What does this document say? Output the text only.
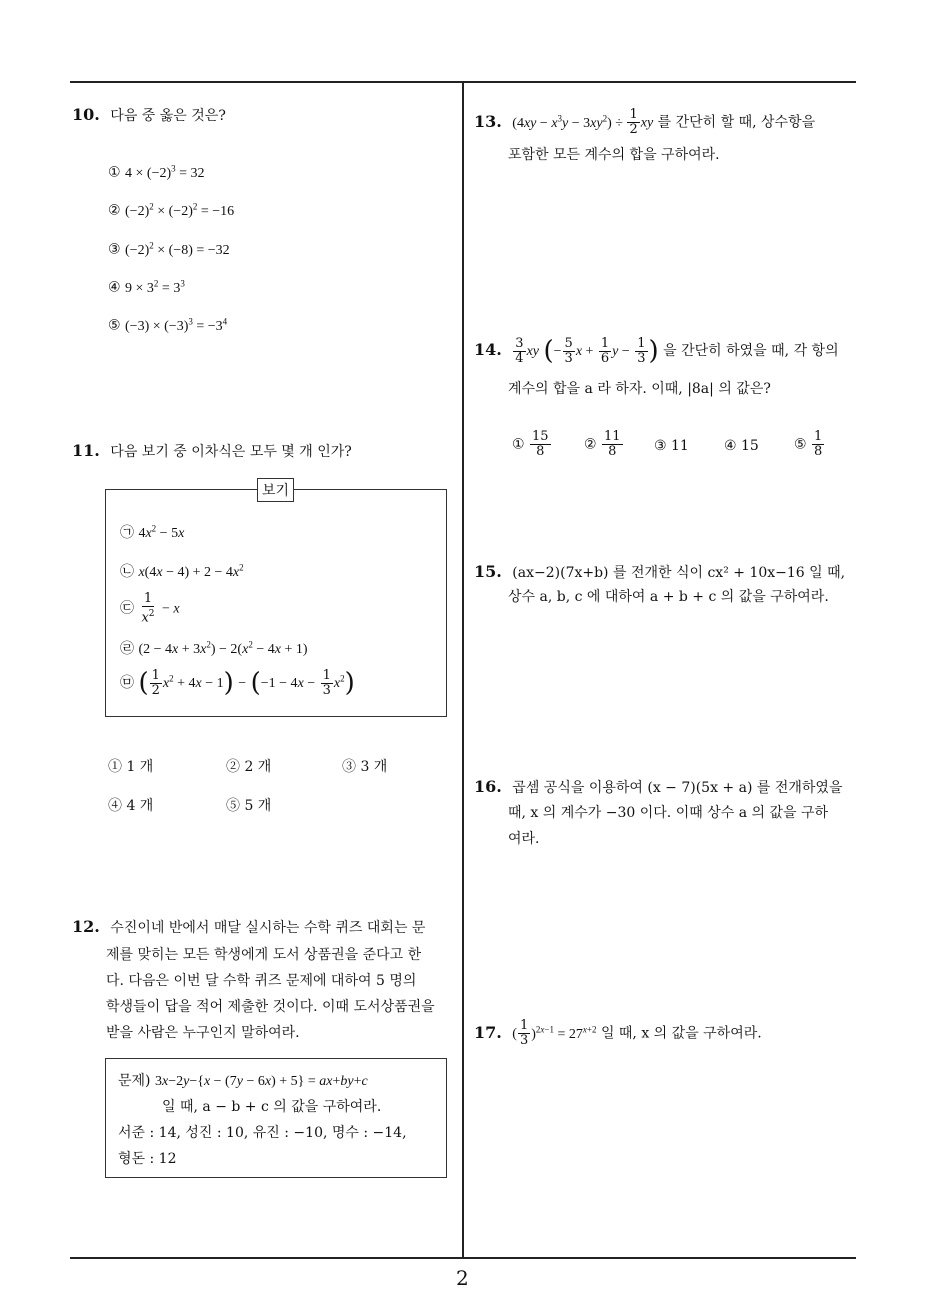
10. 다음 중 옳은 것은?
① $4 \times (-2)^3 = 32$
② $(-2)^2 \times (-2)^2 = -16$
③ $(-2)^2 \times (-8) = -32$
④ $9 \times 3^2 = 3^3$
⑤ $(-3) \times (-3)^3 = -3^4$
11. 다음 보기 중 이차식은 모두 몇 개 인가?
보기
㉠ $4x^2 - 5x$
㉡ $x(4x - 4) + 2 - 4x^2$
㉢ $\frac{1}{x^2} - x$
㉣ $(2 - 4x + 3x^2) - 2(x^2 - 4x + 1)$
㉤ ( $\frac{1}{2} x^2 + 4x - 1) - (-1 - 4x - \frac{1}{3} x^2)$
① 1 개	② 2 개	③ 3 개
④ 4 개	⑤ 5 개
12. 수진이네 반에서 매달 실시하는 수학 퀴즈 대회는 문
제를 맞히는 모든 학생에게 도서 상품권을 준다고 한
다. 다음은 이번 달 수학 퀴즈 문제에 대하여 5 명의
학생들이 답을 적어 제출한 것이다. 이때 도서상품권을
받을 사람은 누구인지 말하여라.
문제) 3x−2y−{x − (7y − 6x) + 5} = ax+by+c
일 때, a − b + c 의 값을 구하여라.
서준 : 14, 성진 : 10, 유진 : −10, 명수 : −14,
형돈 : 12
13. $(4xy - x^3y - 3xy^2) \div \frac{1}{2}$ xy 를 간단히 할 때, 상수항을
포함한 모든 계수의 합을 구하여라.
14. $\frac{3}{4}$ xy (− $\frac{5}{3}$ $x + \frac{1}{6}$ $y - \frac{1}{3}$ ) 을 간단히 하였을 때, 각 항의
계수의 합을 a 라 하자. 이때, |8a| 의 값은?
① $\frac{15}{8}$ ② $\frac{11}{8}$ ③ 11	④ 15	⑤ $\frac{1}{8}$
15. (ax−2)(7x+b) 를 전개한 식이 cx² + 10x−16 일 때,
상수 a, b, c 에 대하여 a + b + c 의 값을 구하여라.
16. 곱셈 공식을 이용하여 (x − 7)(5x + a) 를 전개하였을
때, x 의 계수가 −30 이다. 이때 상수 a 의 값을 구하
여라.
17. ( $\frac{1}{3} )^{2x-1} = 27^{x+2}$ 일 때, x 의 값을 구하여라.
2
